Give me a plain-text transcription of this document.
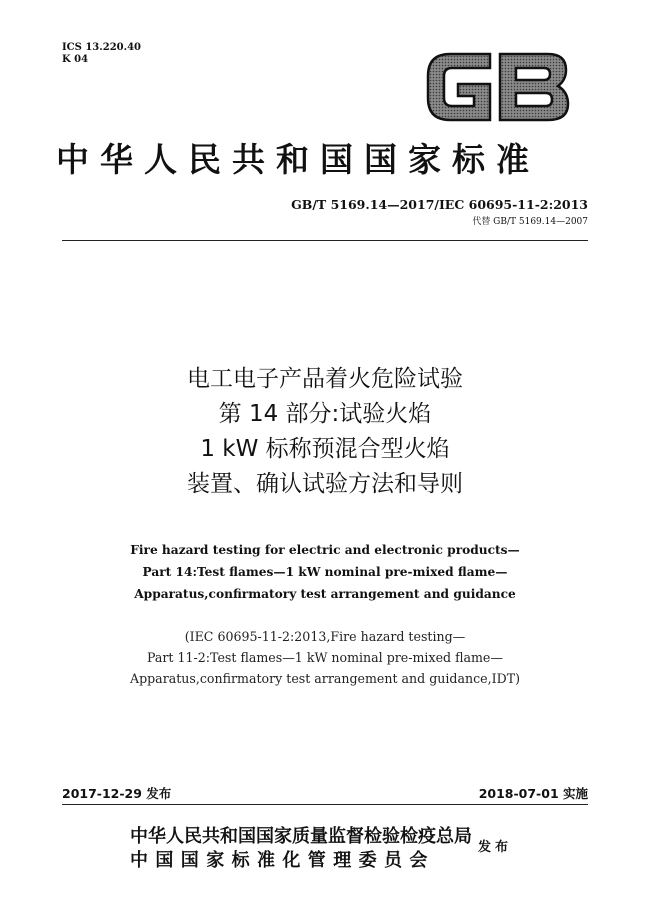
ICS 13.220.40
K 04
中华人民共和国国家标准
GB/T 5169.14—2017/IEC 60695-11-2:2013
代替 GB/T 5169.14—2007
电工电子产品着火危险试验
第 14 部分:试验火焰
1 kW 标称预混合型火焰
装置、确认试验方法和导则
Fire hazard testing for electric and electronic products—
Part 14:Test flames—1 kW nominal pre-mixed flame—
Apparatus,confirmatory test arrangement and guidance
(IEC 60695-11-2:2013,Fire hazard testing—
Part 11-2:Test flames—1 kW nominal pre-mixed flame—
Apparatus,confirmatory test arrangement and guidance,IDT)
2017-12-29 发布	2018-07-01 实施
中华人民共和国国家质量监督检验检疫总局
中国国家标准化管理委员会
发布
